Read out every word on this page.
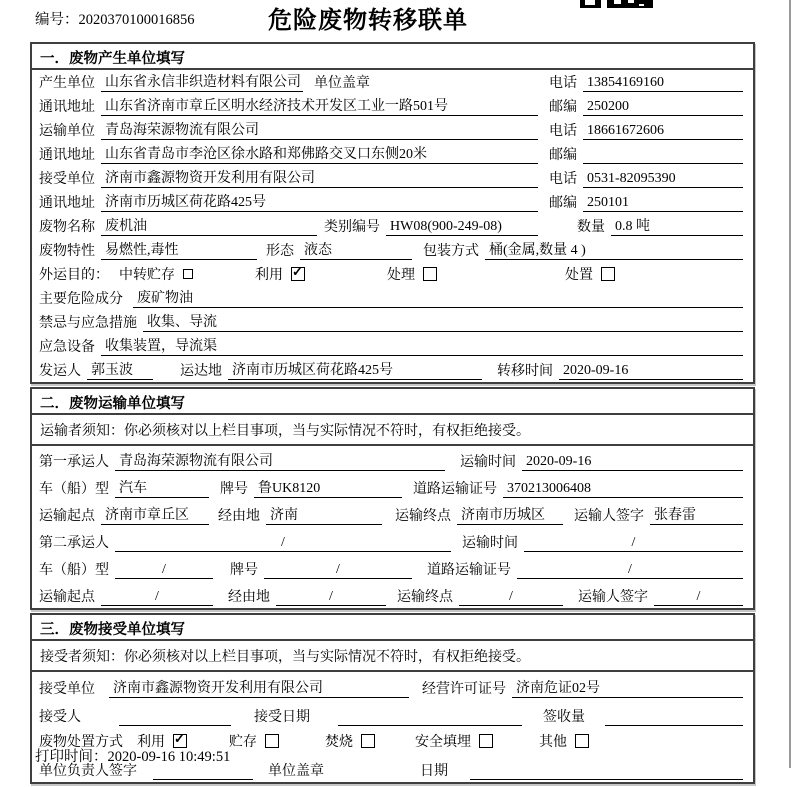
编号：2020370100016856	危险废物转移联单
一．废物产生单位填写
产生单位 山东省永信非织造材料有限公司 单位盖章	电话 13854169160
通讯地址 山东省济南市章丘区明水经济技术开发区工业一路501号	邮编 250200
运输单位 青岛海荣源物流有限公司	电话 18661672606
通讯地址 山东省青岛市李沧区徐水路和郑佛路交叉口东侧20米	邮编
接受单位 济南市鑫源物资开发利用有限公司	电话 0531-82095390
通讯地址 济南市历城区荷花路425号	邮编 250101
废物名称 废机油	类别编号 HW08(900-249-08)	数量 0.8 吨
废物特性 易燃性,毒性	形态 液态	包装方式 桶(金属,数量 4 )
外运目的： 中转贮存	利用 ✓	处理	处置
主要危险成分 废矿物油
禁忌与应急措施 收集、导流
应急设备 收集装置，导流渠
发运人 郭玉波	运达地 济南市历城区荷花路425号	转移时间 2020-09-16
二．废物运输单位填写
运输者须知：你必须核对以上栏目事项，当与实际情况不符时，有权拒绝接受。
第一承运人 青岛海荣源物流有限公司	运输时间 2020-09-16
车（船）型 汽车	牌号 鲁UK8120	道路运输证号 370213006408
运输起点 济南市章丘区	经由地 济南	运输终点 济南市历城区	运输人签字 张春雷
第二承运人	/	运输时间	/
车（船）型	/	牌号	/	道路运输证号	/
运输起点	/	经由地	/	运输终点	/	运输人签字	/
三．废物接受单位填写
接受者须知：你必须核对以上栏目事项，当与实际情况不符时，有权拒绝接受。
接受单位 济南市鑫源物资开发利用有限公司	经营许可证号 济南危证02号
接受人	接受日期	签收量
废物处置方式 利用 ✓	贮存	焚烧	安全填埋	其他
单位负责人签字	单位盖章	日期
打印时间：2020-09-16 10:49:51
